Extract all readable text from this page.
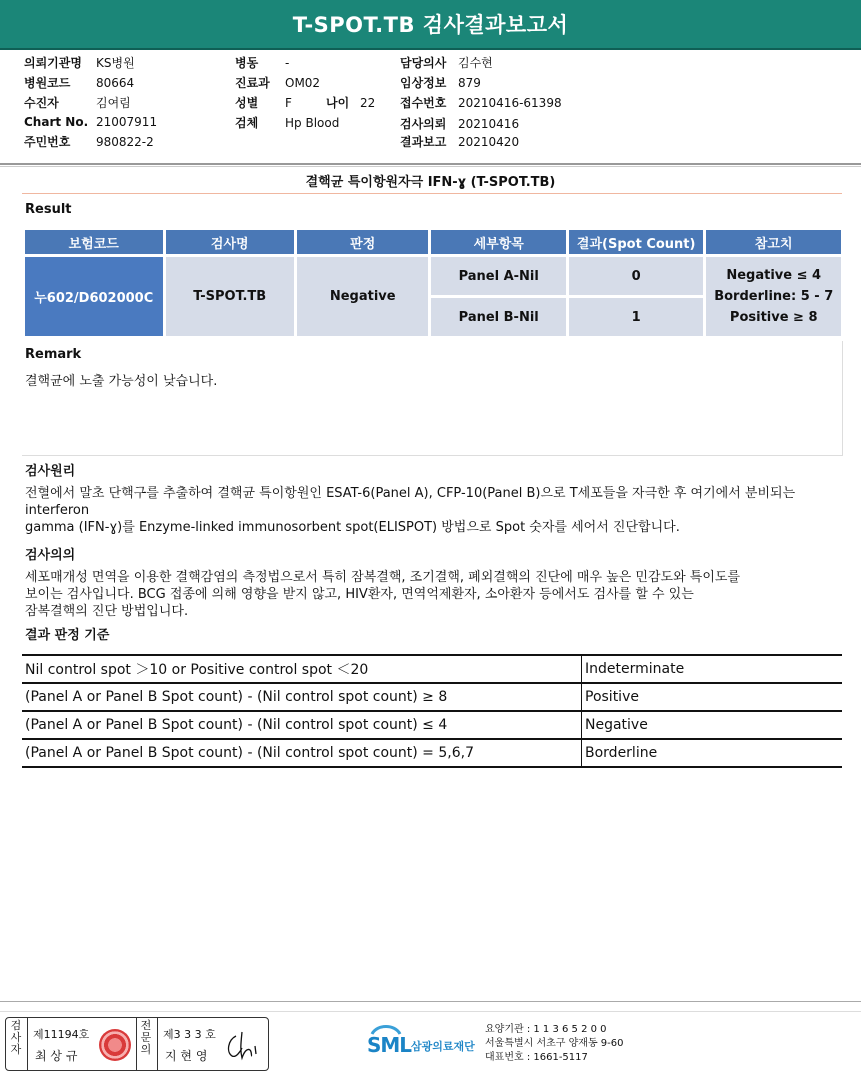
T-SPOT.TB 검사결과보고서
의뢰기관명 KS병원
병원코드 80664
수진자	김여림
Chart No. 21007911
주민번호 980822-2
병동 -
진료과 OM02
성별 F	나이 22
검체 Hp Blood
담당의사 김수현
임상정보 879
접수번호 20210416-61398
검사의뢰 20210416
결과보고 20210420
결핵균 특이항원자극 IFN-ɣ (T-SPOT.TB)
Result
보험코드	검사명	판정	세부항목	결과(Spot Count)	참고치
누602/D602000C	T-SPOT.TB	Negative	Panel A-Nil	0	Negative ≤ 4
Borderline: 5 - 7
Positive ≥ 8

			Panel B-Nil	1	
Remark
결핵균에 노출 가능성이 낮습니다.
검사원리
전혈에서 말초 단핵구를 추출하여 결핵균 특이항원인 ESAT-6(Panel A), CFP-10(Panel B)으로 T세포들을 자극한 후 여기에서 분비되는 interferon
gamma (IFN-ɣ)를 Enzyme-linked immunosorbent spot(ELISPOT) 방법으로 Spot 숫자를 세어서 진단합니다.
검사의의
세포매개성 면역을 이용한 결핵감염의 측정법으로서 특히 잠복결핵, 조기결핵, 폐외결핵의 진단에 매우 높은 민감도와 특이도를
보이는 검사입니다. BCG 접종에 의해 영향을 받지 않고, HIV환자, 면역억제환자, 소아환자 등에서도 검사를 할 수 있는
잠복결핵의 진단 방법입니다.
결과 판정 기준
Nil control spot ＞10 or Positive control spot ＜20	Indeterminate
(Panel A or Panel B Spot count) - (Nil control spot count) ≥ 8	Positive
(Panel A or Panel B Spot count) - (Nil control spot count) ≤ 4	Negative
(Panel A or Panel B Spot count) - (Nil control spot count) = 5,6,7	Borderline
검사자
제11194호
최 상 규
전문의
제3 3 3 호
지 현 영	SML 삼광의료재단
요양기관 : 1 1 3 6 5 2 0 0
서울특별시 서초구 양재동 9-60
대표번호 : 1661-5117
